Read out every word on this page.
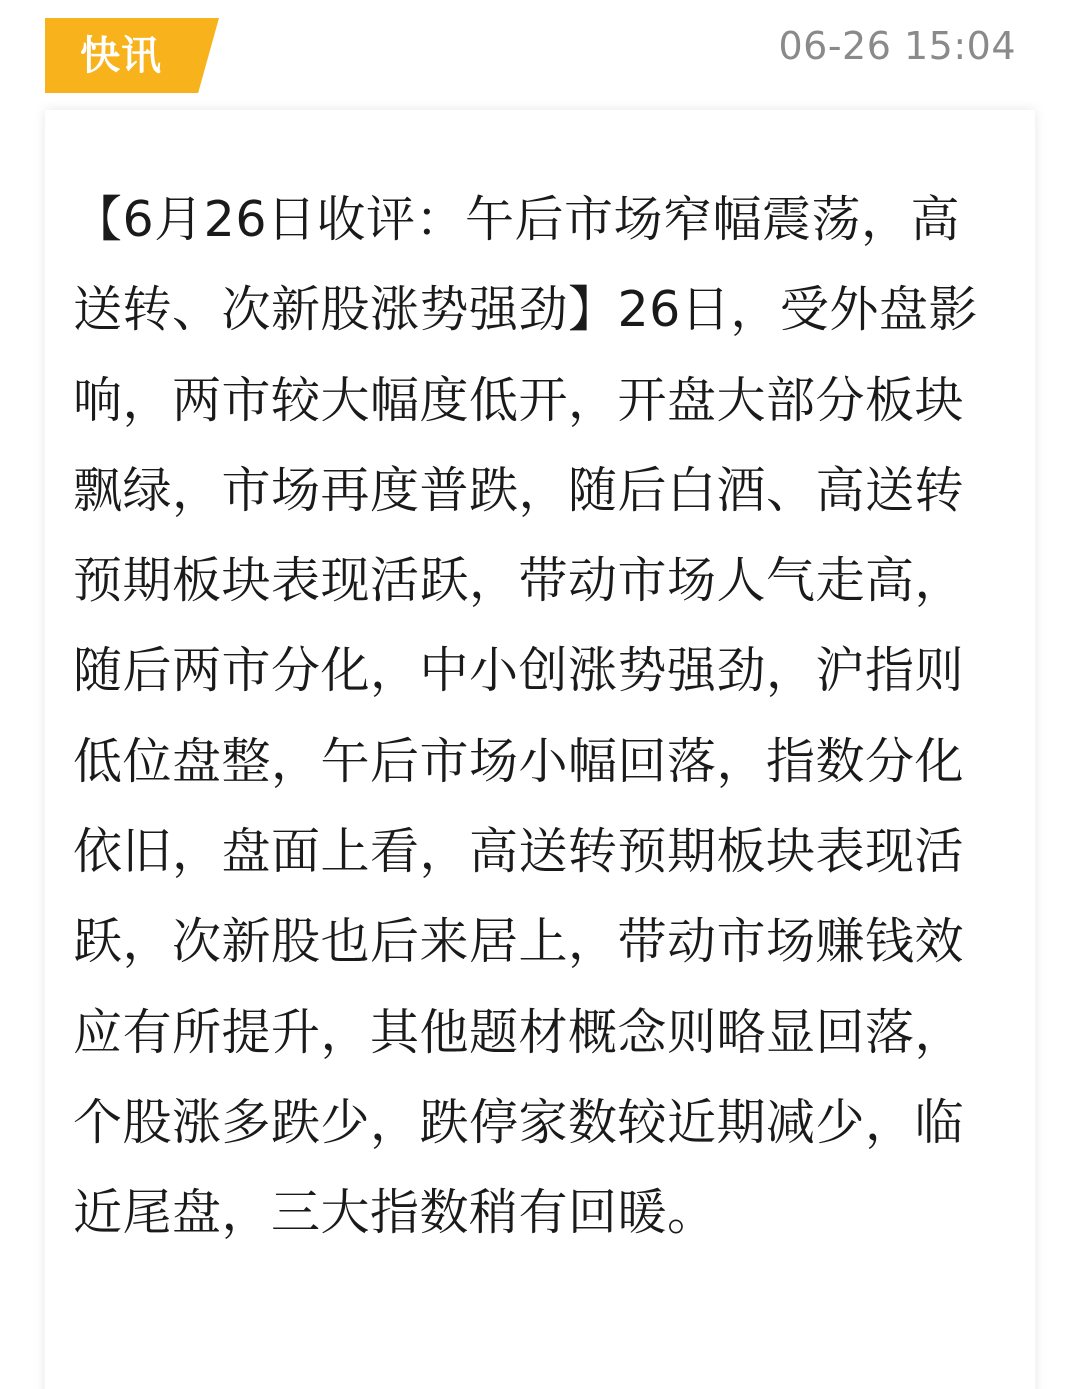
快讯	06-26 15:04

【6月26日收评：午后市场窄幅震荡，高送转、次新股涨势强劲】26日，受外盘影响，两市较大幅度低开，开盘大部分板块飘绿，市场再度普跌，随后白酒、高送转预期板块表现活跃，带动市场人气走高，随后两市分化，中小创涨势强劲，沪指则低位盘整，午后市场小幅回落，指数分化依旧，盘面上看，高送转预期板块表现活跃，次新股也后来居上，带动市场赚钱效应有所提升，其他题材概念则略显回落，个股涨多跌少，跌停家数较近期减少，临近尾盘，三大指数稍有回暖。
